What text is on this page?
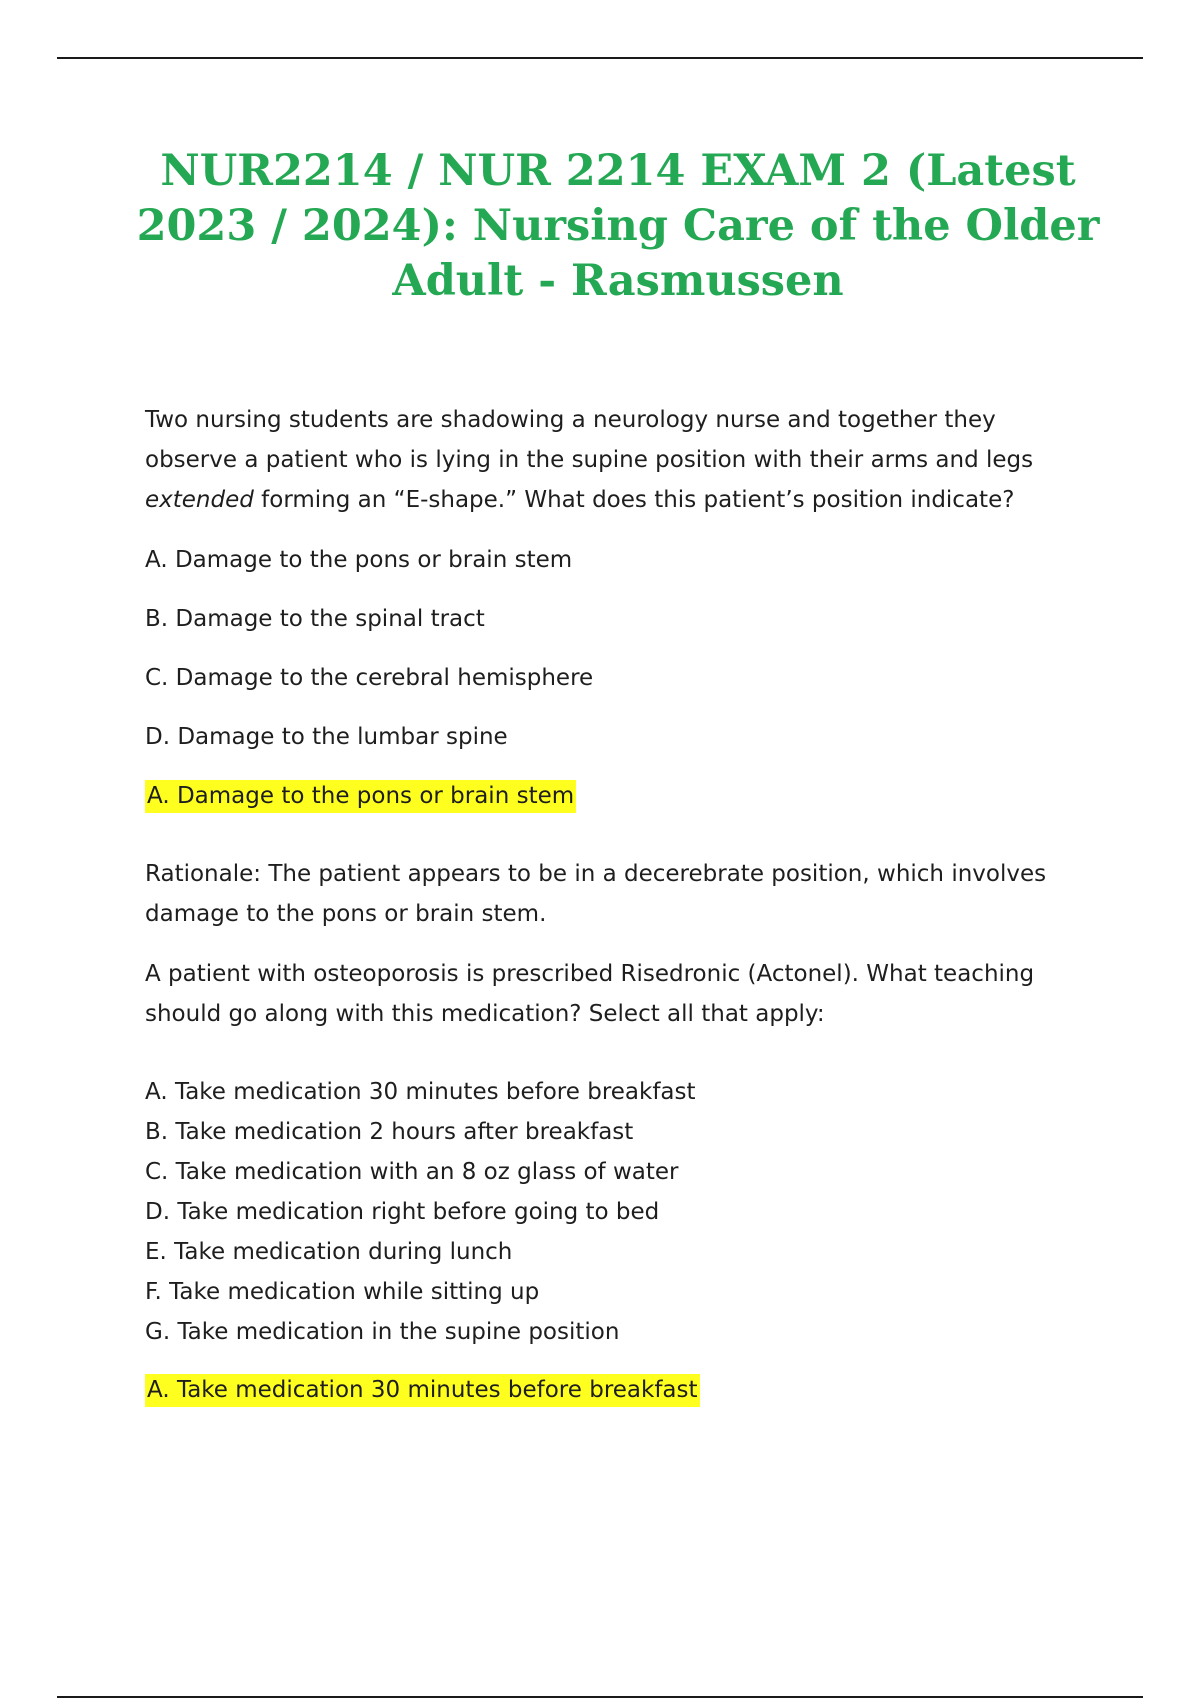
NUR2214 / NUR 2214 EXAM 2 (Latest 2023 / 2024): Nursing Care of the Older Adult - Rasmussen

Two nursing students are shadowing a neurology nurse and together they observe a patient who is lying in the supine position with their arms and legs extended forming an “E-shape.” What does this patient’s position indicate?

A. Damage to the pons or brain stem

B. Damage to the spinal tract

C. Damage to the cerebral hemisphere

D. Damage to the lumbar spine

A. Damage to the pons or brain stem

Rationale: The patient appears to be in a decerebrate position, which involves damage to the pons or brain stem.

A patient with osteoporosis is prescribed Risedronic (Actonel). What teaching should go along with this medication? Select all that apply:

A. Take medication 30 minutes before breakfast

B. Take medication 2 hours after breakfast

C. Take medication with an 8 oz glass of water

D. Take medication right before going to bed

E. Take medication during lunch

F. Take medication while sitting up

G. Take medication in the supine position

A. Take medication 30 minutes before breakfast
